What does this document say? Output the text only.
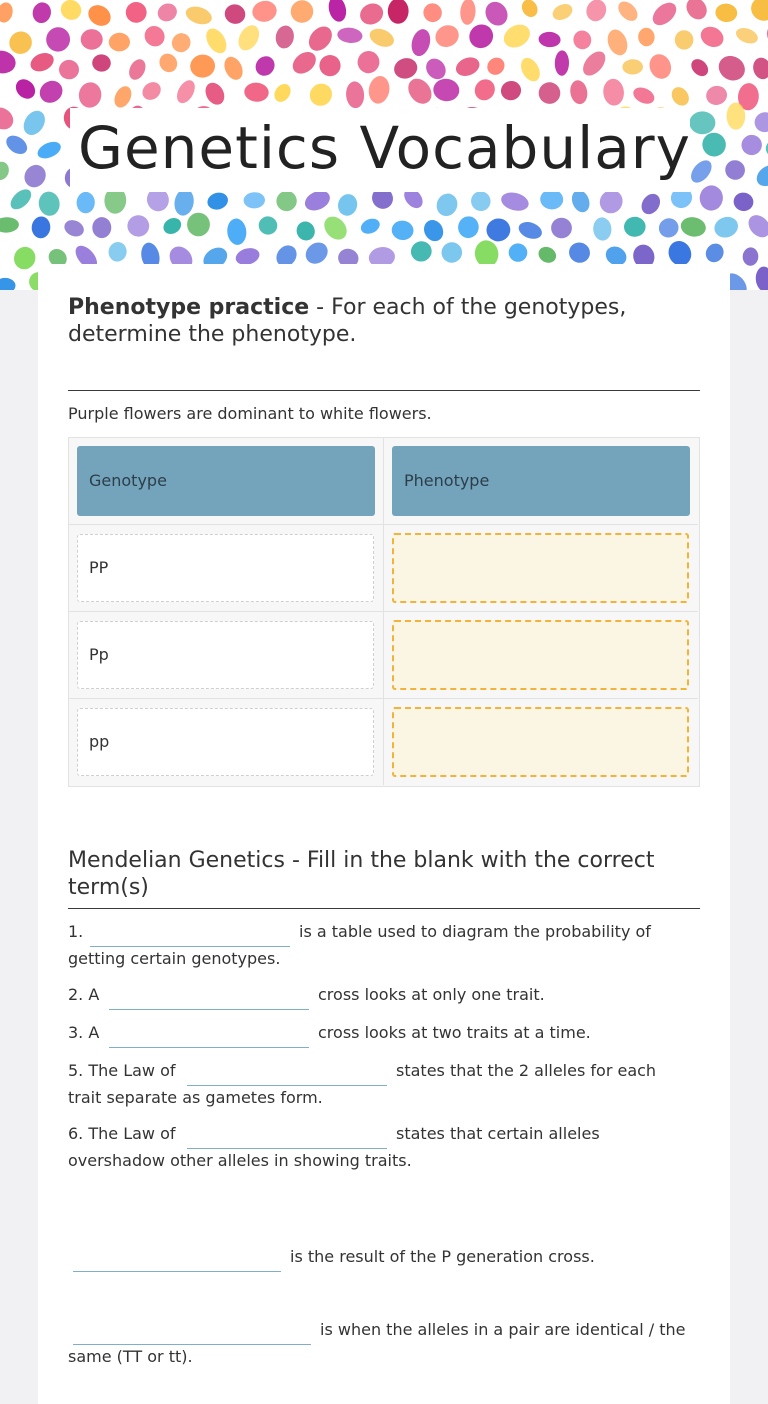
Genetics Vocabulary
Phenotype practice - For each of the genotypes, determine the phenotype.
Purple flowers are dominant to white flowers.
Genotype	Phenotype
PP
Pp
pp
Mendelian Genetics - Fill in the blank with the correct term(s)
1.	is a table used to diagram the probability of
getting certain genotypes.
2. A	cross looks at only one trait.
3. A	cross looks at two traits at a time.
5. The Law of	states that the 2 alleles for each
trait separate as gametes form.
6. The Law of	states that certain alleles
overshadow other alleles in showing traits.
is the result of the P generation cross.
is when the alleles in a pair are identical / the
same (TT or tt).
